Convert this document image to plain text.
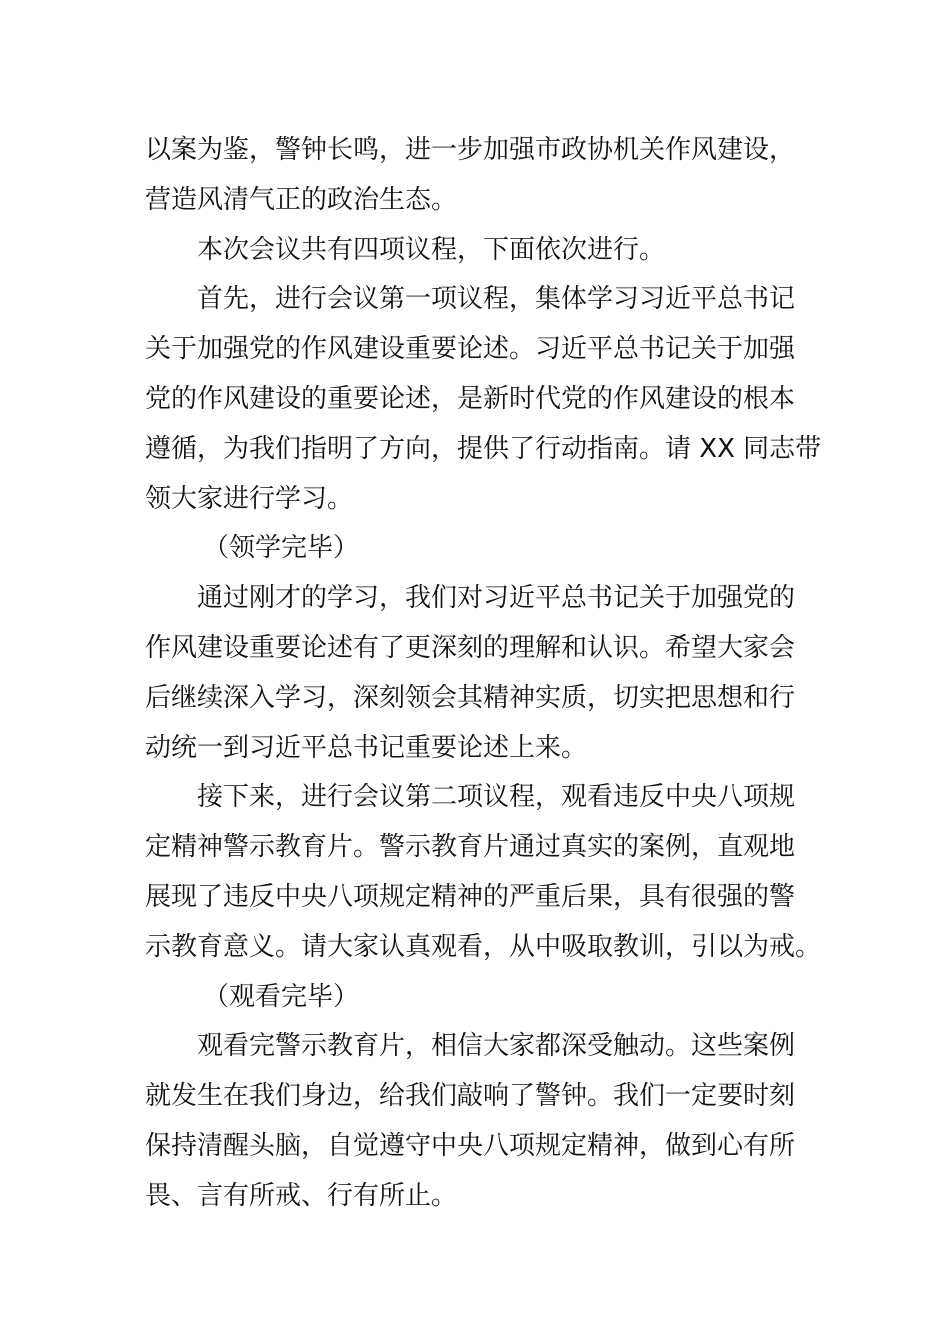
以案为鉴，警钟长鸣，进一步加强市政协机关作风建设，
营造风清气正的政治生态。
本次会议共有四项议程，下面依次进行。
首先，进行会议第一项议程，集体学习习近平总书记
关于加强党的作风建设重要论述。习近平总书记关于加强
党的作风建设的重要论述，是新时代党的作风建设的根本
遵循，为我们指明了方向，提供了行动指南。请 XX 同志带
领大家进行学习。
（领学完毕）
通过刚才的学习，我们对习近平总书记关于加强党的
作风建设重要论述有了更深刻的理解和认识。希望大家会
后继续深入学习，深刻领会其精神实质，切实把思想和行
动统一到习近平总书记重要论述上来。
接下来，进行会议第二项议程，观看违反中央八项规
定精神警示教育片。警示教育片通过真实的案例，直观地
展现了违反中央八项规定精神的严重后果，具有很强的警
示教育意义。请大家认真观看，从中吸取教训，引以为戒。
（观看完毕）
观看完警示教育片，相信大家都深受触动。这些案例
就发生在我们身边，给我们敲响了警钟。我们一定要时刻
保持清醒头脑，自觉遵守中央八项规定精神，做到心有所
畏、言有所戒、行有所止。
